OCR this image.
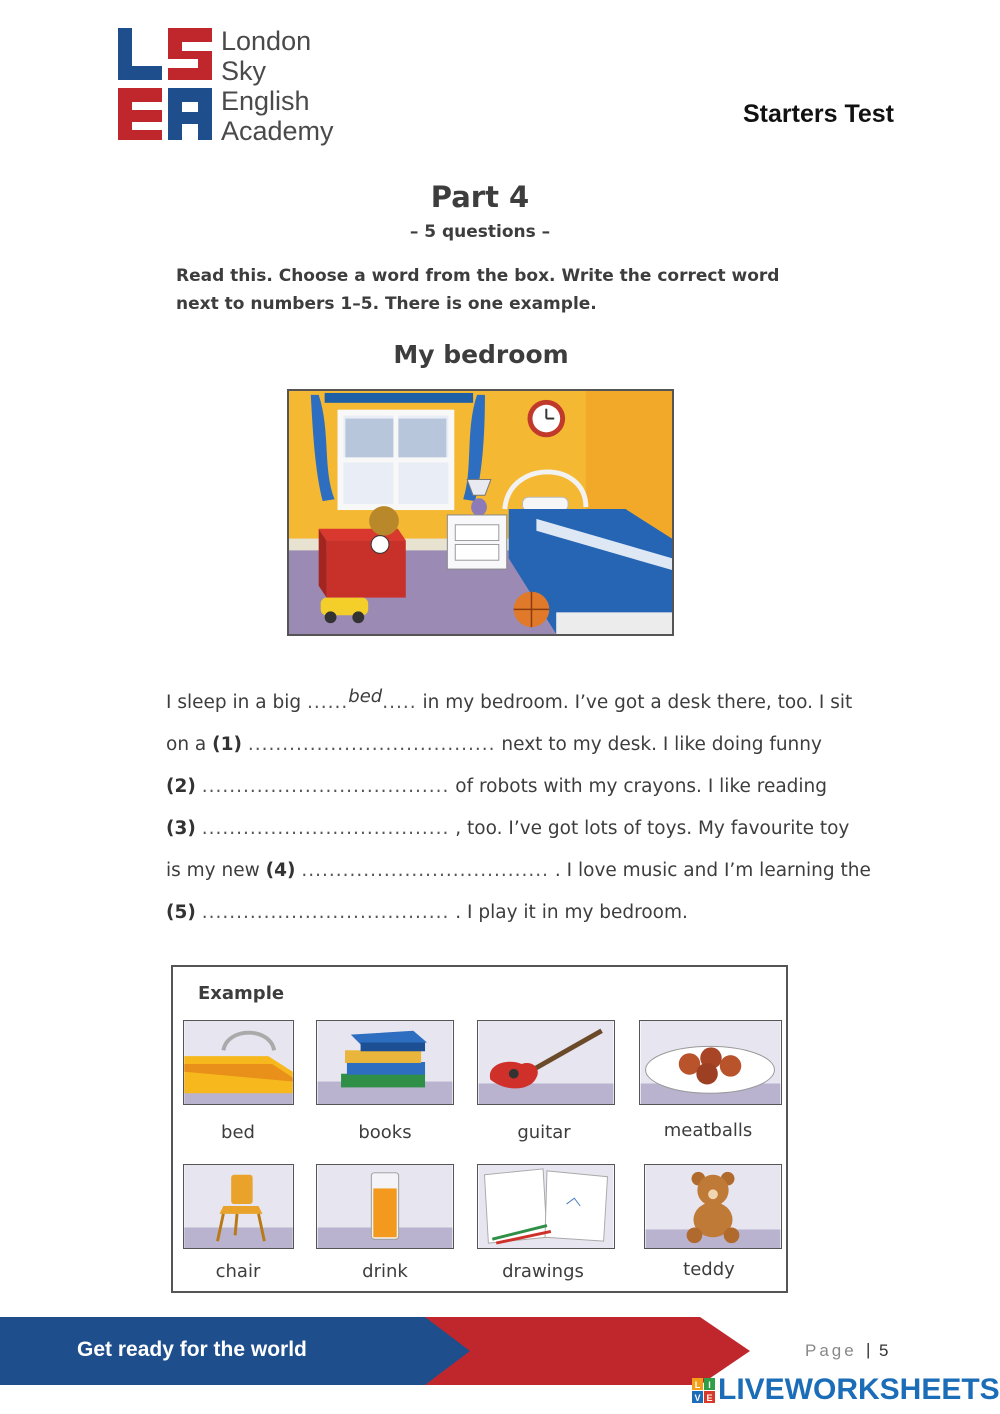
London
Sky
English
Academy
Starters Test
Part 4
– 5 questions –
Read this. Choose a word from the box. Write the correct word
next to numbers 1–5. There is one example.
My bedroom
I sleep in a big ......bed..... in my bedroom. I’ve got a desk there, too. I sit
on a (1) .................................... next to my desk. I like doing funny
(2) .................................... of robots with my crayons. I like reading
(3) .................................... , too. I’ve got lots of toys. My favourite toy
is my new (4) .................................... . I love music and I’m learning the
(5) .................................... . I play it in my bedroom.
Example
bed	books	guitar	meatballs
chair	drink	drawings	teddy
Get ready for the world	Page | 5
L I
V E LIVEWORKSHEETS
